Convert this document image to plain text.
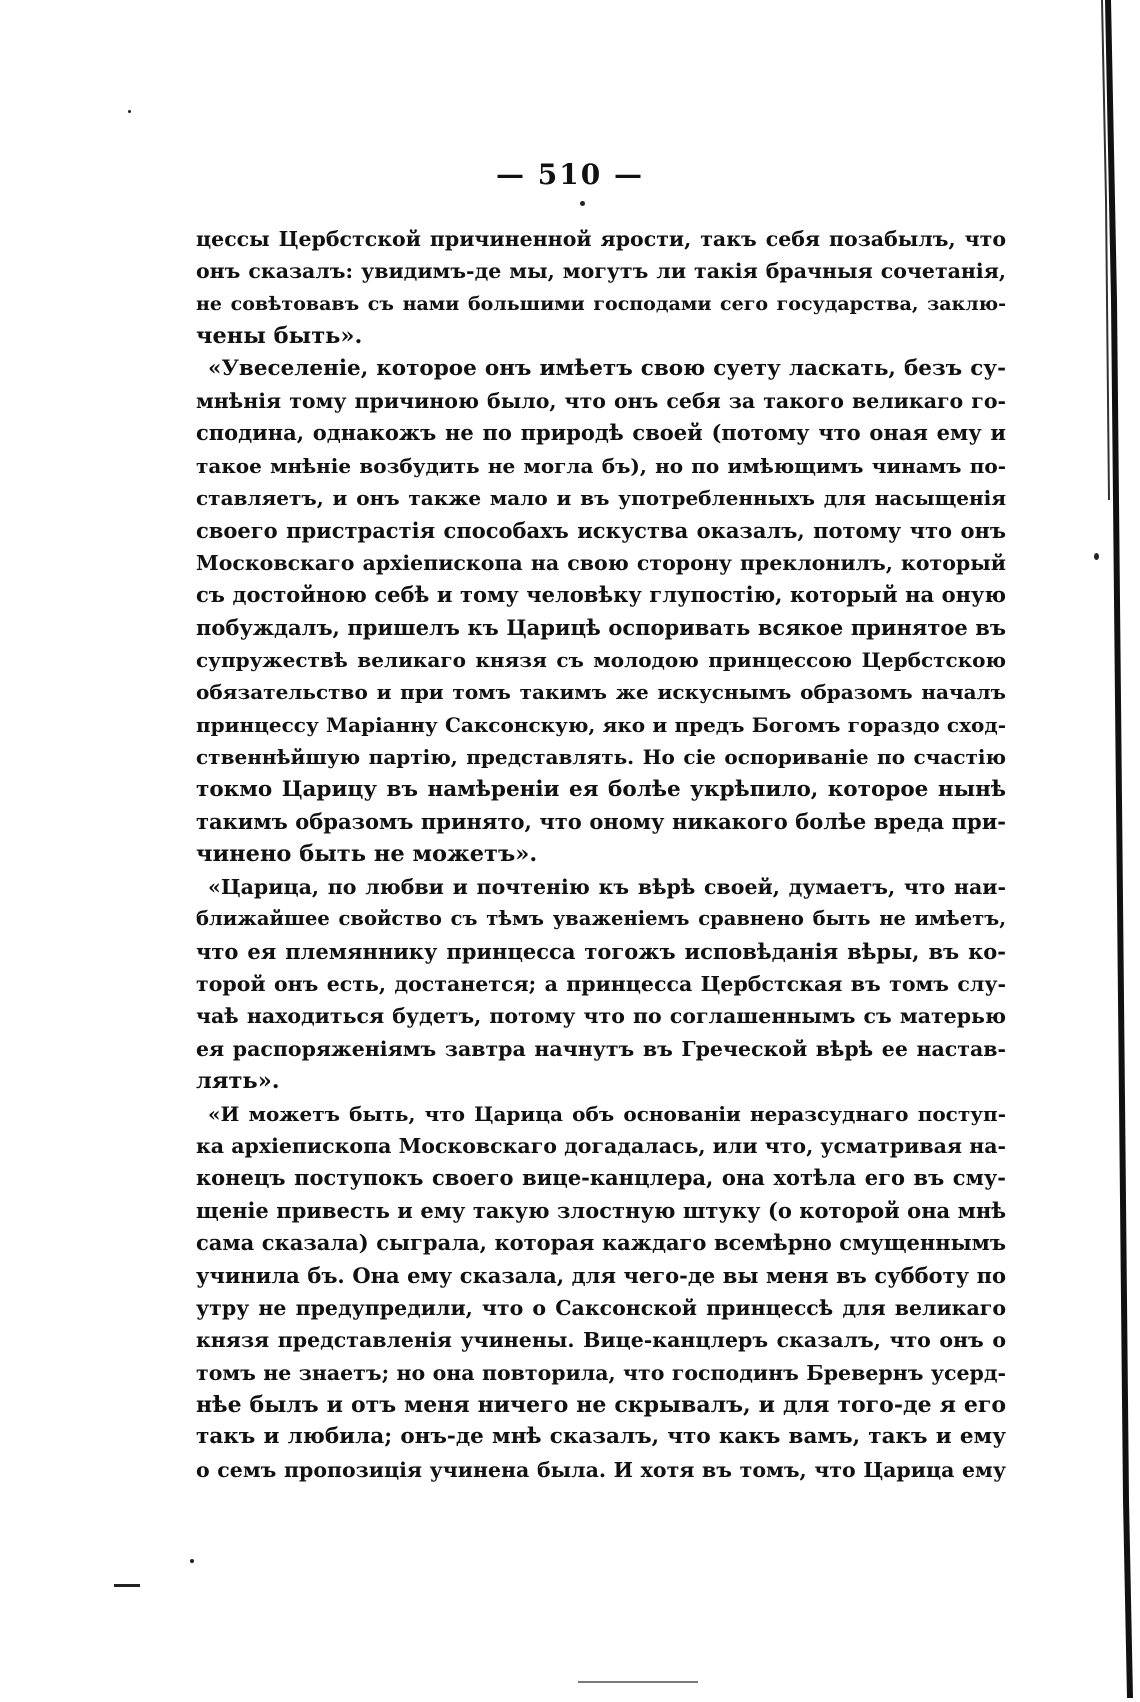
— 510 —
цессы Цербстской причиненной ярости, такъ себя позабылъ, что
онъ сказалъ: увидимъ-де мы, могутъ ли такія брачныя сочетанія,
не совѣтовавъ съ нами большими господами сего государства, заклю-
чены быть».
«Увеселеніе, которое онъ имѣетъ свою суету ласкать, безъ су-
мнѣнія тому причиною было, что онъ себя за такого великаго го-
сподина, однакожъ не по природѣ своей (потому что оная ему и
такое мнѣніе возбудить не могла бъ), но по имѣющимъ чинамъ по-
ставляетъ, и онъ также мало и въ употребленныхъ для насыщенія
своего пристрастія способахъ искуства оказалъ, потому что онъ
Московскаго архіепископа на свою сторону преклонилъ, который
съ достойною себѣ и тому человѣку глупостію, который на оную
побуждалъ, пришелъ къ Царицѣ оспоривать всякое принятое въ
супружествѣ великаго князя съ молодою принцессою Цербстскою
обязательство и при томъ такимъ же искуснымъ образомъ началъ
принцессу Маріанну Саксонскую, яко и предъ Богомъ гораздо сход-
ственнѣйшую партію, представлять. Но сіе оспориваніе по счастію
токмо Царицу въ намѣреніи ея болѣе укрѣпило, которое нынѣ
такимъ образомъ принято, что оному никакого болѣе вреда при-
чинено быть не можетъ».
«Царица, по любви и почтенію къ вѣрѣ своей, думаетъ, что наи-
ближайшее свойство съ тѣмъ уваженіемъ сравнено быть не имѣетъ,
что ея племяннику принцесса тогожъ исповѣданія вѣры, въ ко-
торой онъ есть, достанется; а принцесса Цербстская въ томъ слу-
чаѣ находиться будетъ, потому что по соглашеннымъ съ матерью
ея распоряженіямъ завтра начнутъ въ Греческой вѣрѣ ее настав-
лять».
«И можетъ быть, что Царица объ основаніи неразсуднаго поступ-
ка архіепископа Московскаго догадалась, или что, усматривая на-
конецъ поступокъ своего вице-канцлера, она хотѣла его въ сму-
щеніе привесть и ему такую злостную штуку (о которой она мнѣ
сама сказала) сыграла, которая каждаго всемѣрно смущеннымъ
учинила бъ. Она ему сказала, для чего-де вы меня въ субботу по
утру не предупредили, что о Саксонской принцессѣ для великаго
князя представленія учинены. Вице-канцлеръ сказалъ, что онъ о
томъ не знаетъ; но она повторила, что господинъ Бревернъ усерд-
нѣе былъ и отъ меня ничего не скрывалъ, и для того-де я его
такъ и любила; онъ-де мнѣ сказалъ, что какъ вамъ, такъ и ему
о семъ пропозиція учинена была. И хотя въ томъ, что Царица ему
